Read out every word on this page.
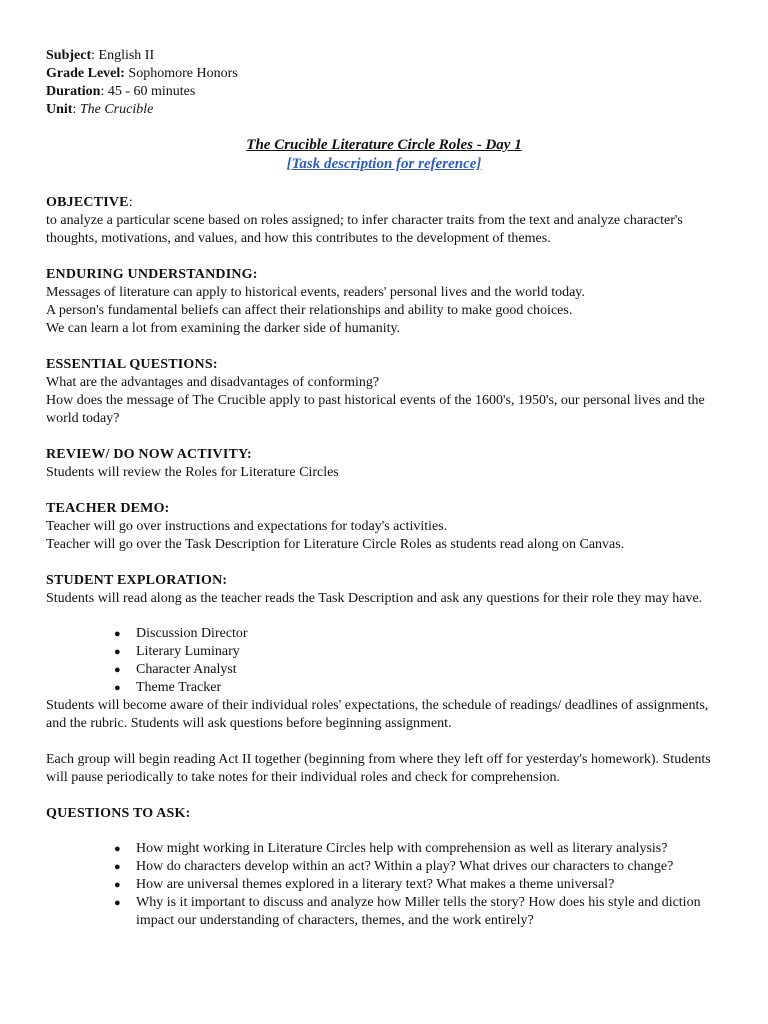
Subject: English II
Grade Level: Sophomore Honors
Duration: 45 - 60 minutes
Unit: The Crucible
The Crucible Literature Circle Roles - Day 1
[Task description for reference]
OBJECTIVE:
to analyze a particular scene based on roles assigned; to infer character traits from the text and analyze character's thoughts, motivations, and values, and how this contributes to the development of themes.
ENDURING UNDERSTANDING:
Messages of literature can apply to historical events, readers' personal lives and the world today.
A person's fundamental beliefs can affect their relationships and ability to make good choices.
We can learn a lot from examining the darker side of humanity.
ESSENTIAL QUESTIONS:
What are the advantages and disadvantages of conforming?
How does the message of The Crucible apply to past historical events of the 1600's, 1950's, our personal lives and the world today?
REVIEW/ DO NOW ACTIVITY:
Students will review the Roles for Literature Circles
TEACHER DEMO:
Teacher will go over instructions and expectations for today's activities.
Teacher will go over the Task Description for Literature Circle Roles as students read along on Canvas.
STUDENT EXPLORATION:
Students will read along as the teacher reads the Task Description and ask any questions for their role they may have.
● Discussion Director
● Literary Luminary
● Character Analyst
● Theme Tracker
Students will become aware of their individual roles' expectations, the schedule of readings/ deadlines of assignments, and the rubric. Students will ask questions before beginning assignment.
Each group will begin reading Act II together (beginning from where they left off for yesterday's homework). Students will pause periodically to take notes for their individual roles and check for comprehension.
QUESTIONS TO ASK:
● How might working in Literature Circles help with comprehension as well as literary analysis?
● How do characters develop within an act? Within a play? What drives our characters to change?
● How are universal themes explored in a literary text? What makes a theme universal?
● Why is it important to discuss and analyze how Miller tells the story? How does his style and diction impact our understanding of characters, themes, and the work entirely?
